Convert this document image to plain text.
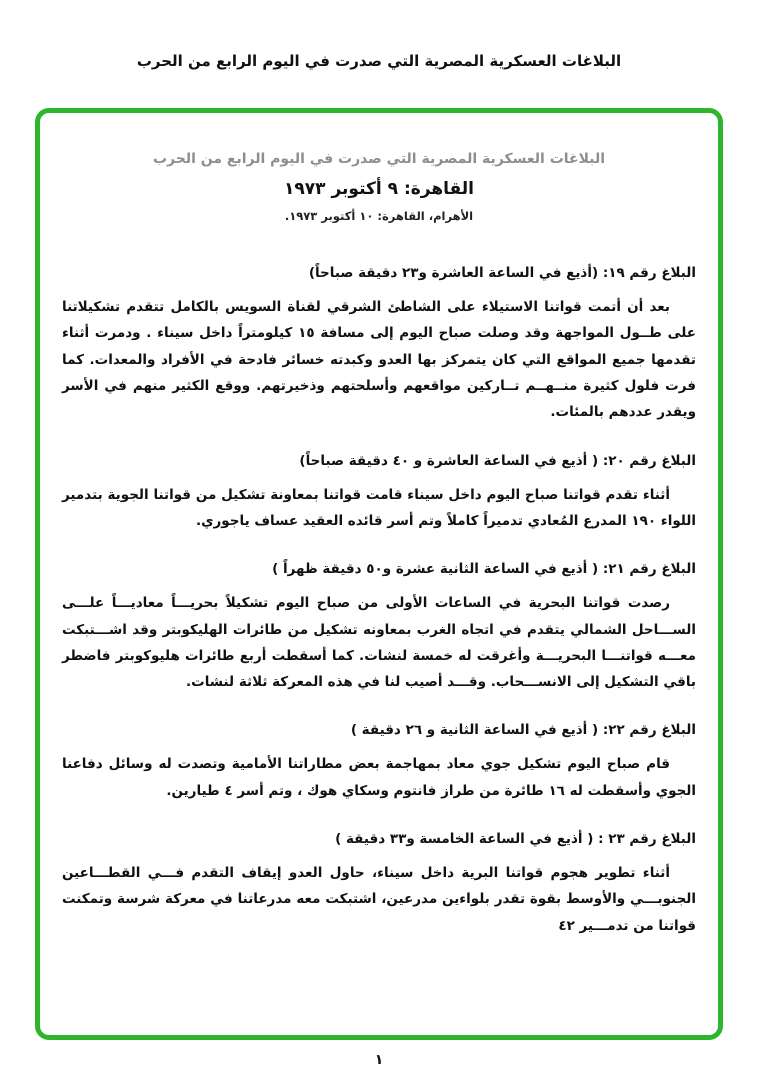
البلاغات العسكرية المصرية التي صدرت في اليوم الرابع من الحرب
البلاغات العسكرية المصرية التي صدرت في اليوم الرابع من الحرب
القاهرة: ٩ أكتوبر ١٩٧٣
الأهرام، القاهرة: ١٠ أكتوبر ١٩٧٣.
البلاغ رقم ١٩: (أذيع في الساعة العاشرة و٢٣ دقيقة صباحاً)
بعد أن أتمت قواتنا الاستيلاء على الشاطئ الشرقي لقناة السويس بالكامل تتقدم تشكيلاتنا على طــول المواجهة وقد وصلت صباح اليوم إلى مسافة ١٥ كيلومتراً داخل سيناء . ودمرت أثناء تقدمها جميع المواقع التي كان يتمركز بها العدو وكبدته خسائر فادحة في الأفراد والمعدات. كما فرت فلول كثيرة منــهــم تــاركين مواقعهم وأسلحتهم وذخيرتهم. ووقع الكثير منهم في الأسر ويقدر عددهم بالمئات.
البلاغ رقم ٢٠: ( أذيع في الساعة العاشرة و ٤٠ دقيقة صباحاً)
أثناء تقدم قواتنا صباح اليوم داخل سيناء قامت قواتنا بمعاونة تشكيل من قواتنا الجوية بتدمير اللواء ١٩٠ المدرع المُعادي تدميراً كاملاً وتم أسر قائده العقيد عساف ياجوري.
البلاغ رقم ٢١: ( أذيع في الساعة الثانية عشرة و٥٠ دقيقة ظهراً )
رصدت قواتنا البحرية في الساعات الأولى من صباح اليوم تشكيلاً بحريـــاً معاديـــاً علـــى الســـاحل الشمالي يتقدم في اتجاه الغرب بمعاونه تشكيل من طائرات الهليكوبتر وقد اشـــتبكت معـــه قواتنـــا البحريـــة وأغرقت له خمسة لنشات. كما أسقطت أربع طائرات هليوكوبتر فاضطر باقي التشكيل إلى الانســـحاب. وقـــد أصيب لنا في هذه المعركة ثلاثة لنشات.
البلاغ رقم ٢٢: ( أذيع في الساعة الثانية و ٢٦ دقيقة )
قام صباح اليوم تشكيل جوي معاد بمهاجمة بعض مطاراتنا الأمامية وتصدت له وسائل دفاعنا الجوي وأسقطت له ١٦ طائرة من طراز فانتوم وسكاي هوك ، وتم أسر ٤ طيارين.
البلاغ رقم ٢٣ : ( أذيع في الساعة الخامسة و٣٣ دقيقة )
أثناء تطوير هجوم قواتنا البرية داخل سيناء، حاول العدو إيقاف التقدم فـــي القطـــاعين الجنوبـــي والأوسط بقوة تقدر بلواءين مدرعين، اشتبكت معه مدرعاتنا في معركة شرسة وتمكنت قواتنا من تدمـــير ٤٢
١
